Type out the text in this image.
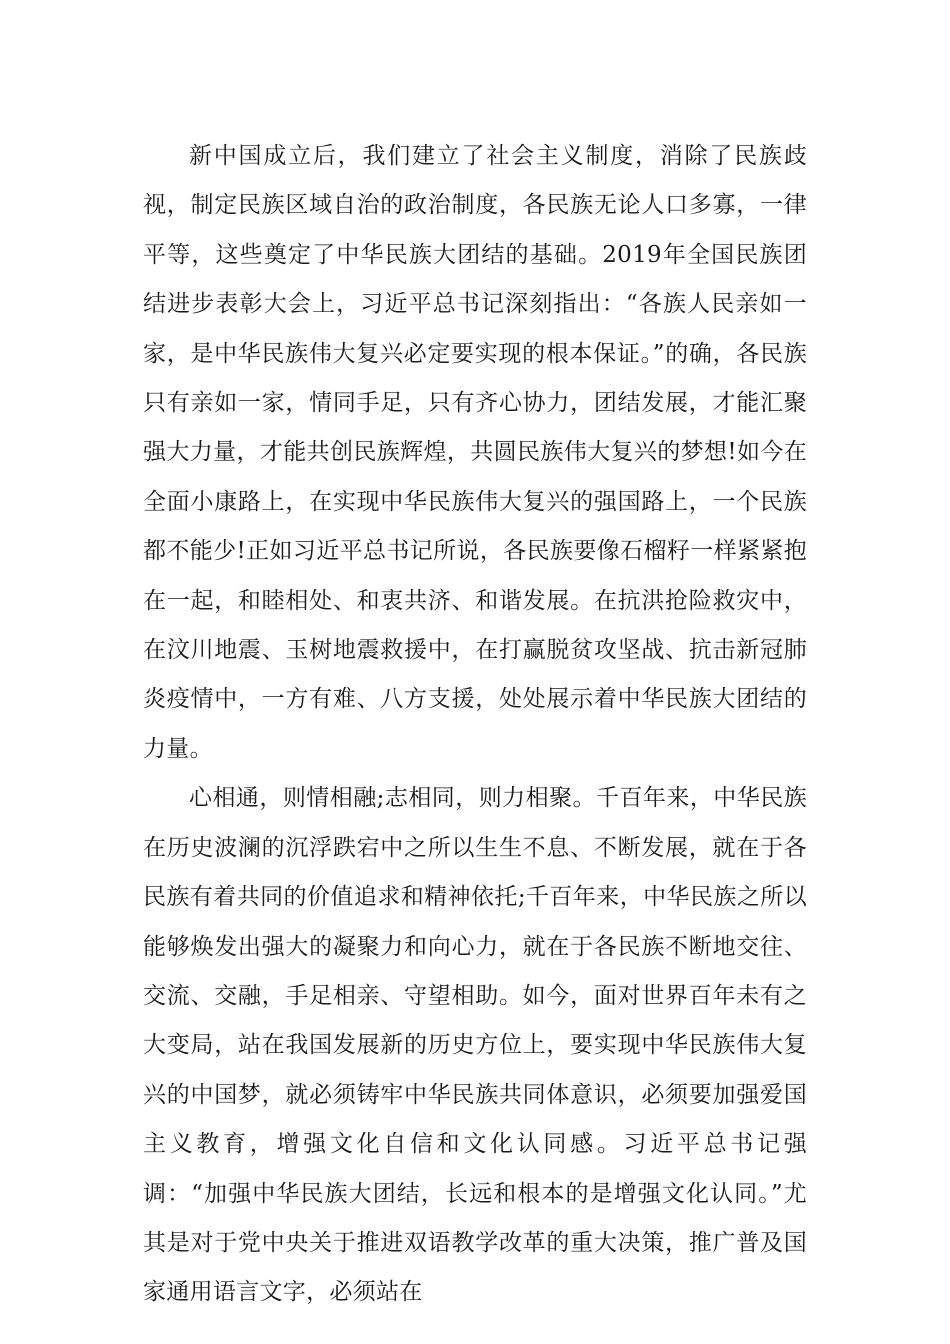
新中国成立后，我们建立了社会主义制度，消除了民族歧视，制定民族区域自治的政治制度，各民族无论人口多寡，一律平等，这些奠定了中华民族大团结的基础。2019年全国民族团结进步表彰大会上，习近平总书记深刻指出：“各族人民亲如一家，是中华民族伟大复兴必定要实现的根本保证。”的确，各民族只有亲如一家，情同手足，只有齐心协力，团结发展，才能汇聚强大力量，才能共创民族辉煌，共圆民族伟大复兴的梦想!如今在全面小康路上，在实现中华民族伟大复兴的强国路上，一个民族都不能少!正如习近平总书记所说，各民族要像石榴籽一样紧紧抱在一起，和睦相处、和衷共济、和谐发展。在抗洪抢险救灾中，在汶川地震、玉树地震救援中，在打赢脱贫攻坚战、抗击新冠肺炎疫情中，一方有难、八方支援，处处展示着中华民族大团结的力量。

心相通，则情相融;志相同，则力相聚。千百年来，中华民族在历史波澜的沉浮跌宕中之所以生生不息、不断发展，就在于各民族有着共同的价值追求和精神依托;千百年来，中华民族之所以能够焕发出强大的凝聚力和向心力，就在于各民族不断地交往、交流、交融，手足相亲、守望相助。如今，面对世界百年未有之大变局，站在我国发展新的历史方位上，要实现中华民族伟大复兴的中国梦，就必须铸牢中华民族共同体意识，必须要加强爱国主义教育，增强文化自信和文化认同感。习近平总书记强调：“加强中华民族大团结，长远和根本的是增强文化认同。”尤其是对于党中央关于推进双语教学改革的重大决策，推广普及国家通用语言文字，必须站在
